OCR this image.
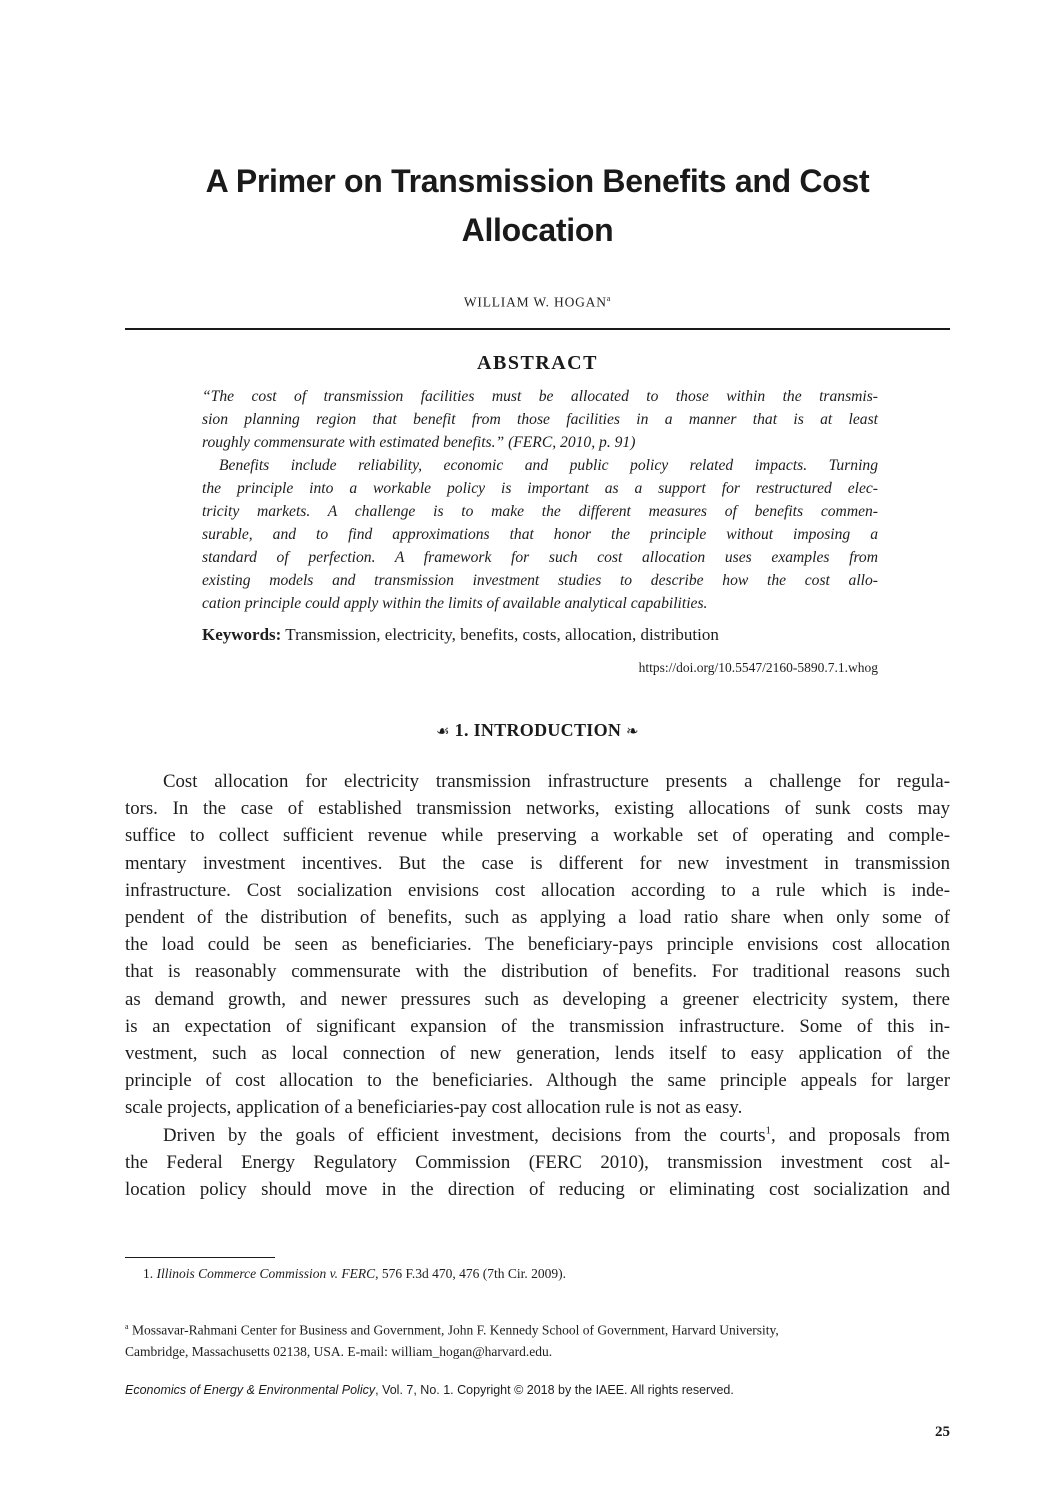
A Primer on Transmission Benefits and Cost
Allocation
WILLIAM W. HOGAN$^a$
ABSTRACT
“The cost of transmission facilities must be allocated to those within the transmis-
sion planning region that benefit from those facilities in a manner that is at least
roughly commensurate with estimated benefits.” (FERC, 2010, p. 91)
Benefits include reliability, economic and public policy related impacts. Turning
the principle into a workable policy is important as a support for restructured elec-
tricity markets. A challenge is to make the different measures of benefits commen-
surable, and to find approximations that honor the principle without imposing a
standard of perfection. A framework for such cost allocation uses examples from
existing models and transmission investment studies to describe how the cost allo-
cation principle could apply within the limits of available analytical capabilities.
Keywords: Transmission, electricity, benefits, costs, allocation, distribution
https://doi.org/10.5547/2160-5890.7.1.whog
☙ 1. INTRODUCTION ❧
Cost allocation for electricity transmission infrastructure presents a challenge for regula-
tors. In the case of established transmission networks, existing allocations of sunk costs may
suffice to collect sufficient revenue while preserving a workable set of operating and comple-
mentary investment incentives. But the case is different for new investment in transmission
infrastructure. Cost socialization envisions cost allocation according to a rule which is inde-
pendent of the distribution of benefits, such as applying a load ratio share when only some of
the load could be seen as beneficiaries. The beneficiary-pays principle envisions cost allocation
that is reasonably commensurate with the distribution of benefits. For traditional reasons such
as demand growth, and newer pressures such as developing a greener electricity system, there
is an expectation of significant expansion of the transmission infrastructure. Some of this in-
vestment, such as local connection of new generation, lends itself to easy application of the
principle of cost allocation to the beneficiaries. Although the same principle appeals for larger
scale projects, application of a beneficiaries-pay cost allocation rule is not as easy.
Driven by the goals of efficient investment, decisions from the courts$^1$, and proposals from
the Federal Energy Regulatory Commission (FERC 2010), transmission investment cost al-
location policy should move in the direction of reducing or eliminating cost socialization and
1. Illinois Commerce Commission v. FERC, 576 F.3d 470, 476 (7th Cir. 2009).
$^a$ Mossavar-Rahmani Center for Business and Government, John F. Kennedy School of Government, Harvard University,
Cambridge, Massachusetts 02138, USA. E-mail: william_hogan@harvard.edu.
Economics of Energy & Environmental Policy, Vol. 7, No. 1. Copyright © 2018 by the IAEE. All rights reserved.
25
